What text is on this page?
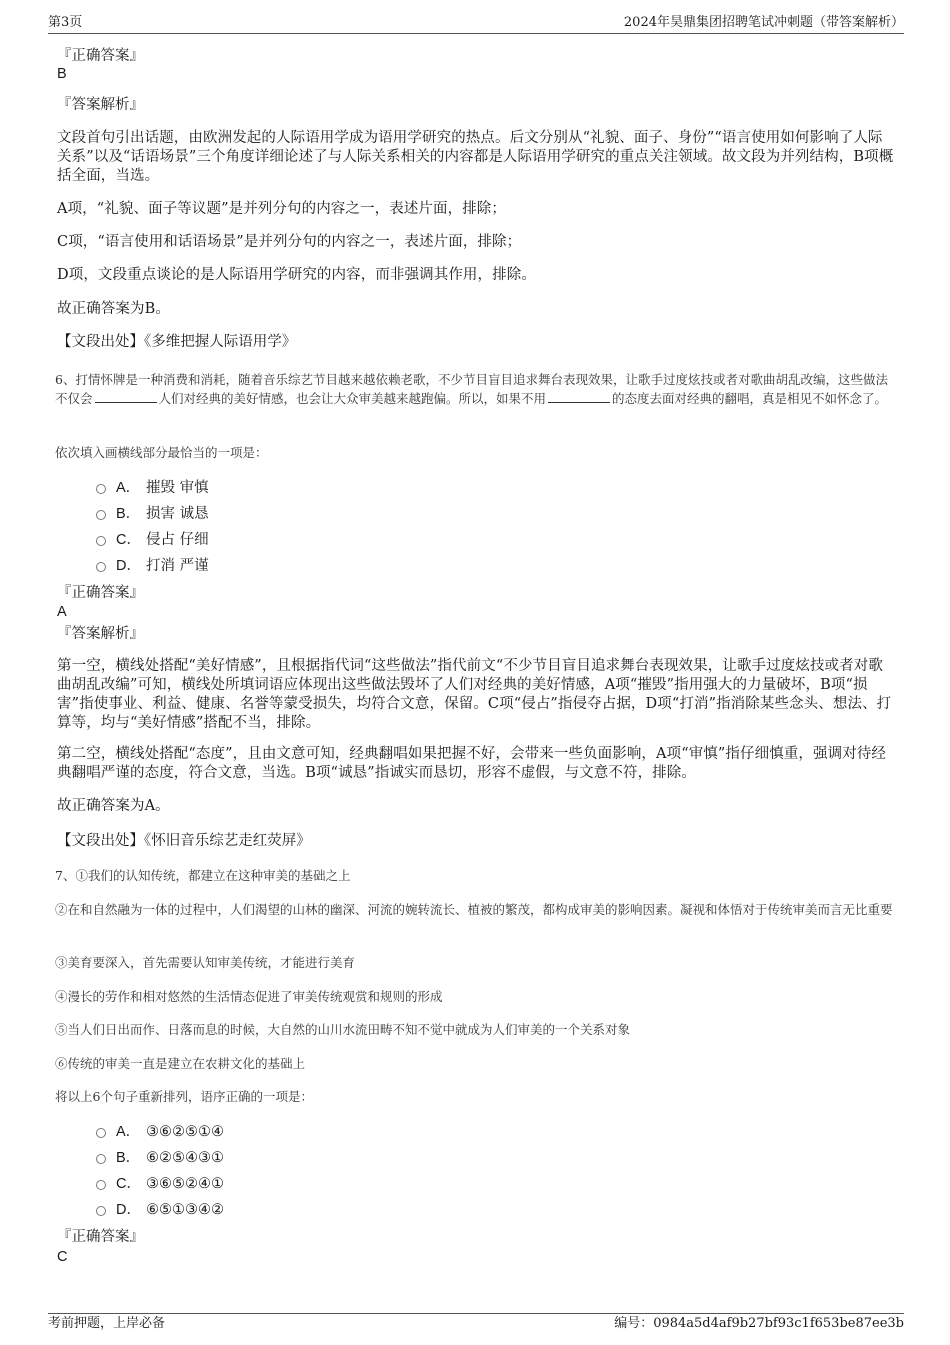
第3页	2024年昊鼎集团招聘笔试冲刺题（带答案解析）
『正确答案』
B
『答案解析』
文段首句引出话题，由欧洲发起的人际语用学成为语用学研究的热点。后文分别从“礼貌、面子、身份”“语言使用如何影响了人际关系”以及“话语场景”三个角度详细论述了与人际关系相关的内容都是人际语用学研究的重点关注领域。故文段为并列结构，B项概括全面，当选。
A项，“礼貌、面子等议题”是并列分句的内容之一，表述片面，排除；
C项，“语言使用和话语场景”是并列分句的内容之一，表述片面，排除；
D项，文段重点谈论的是人际语用学研究的内容，而非强调其作用，排除。
故正确答案为B。
【文段出处】《多维把握人际语用学》
6、打情怀牌是一种消费和消耗，随着音乐综艺节目越来越依赖老歌，不少节目盲目追求舞台表现效果，让歌手过度炫技或者对歌曲胡乱改编，这些做法不仅会	人们对经典的美好情感，也会让大众审美越来越跑偏。所以，如果不用	的态度去面对经典的翻唱，真是相见不如怀念了。
依次填入画横线部分最恰当的一项是：
A． 摧毁 审慎
B． 损害 诚恳
C． 侵占 仔细
D． 打消 严谨
『正确答案』
A
『答案解析』
第一空，横线处搭配“美好情感”，且根据指代词“这些做法”指代前文“不少节目盲目追求舞台表现效果，让歌手过度炫技或者对歌曲胡乱改编”可知，横线处所填词语应体现出这些做法毁坏了人们对经典的美好情感，A项“摧毁”指用强大的力量破坏，B项“损害”指使事业、利益、健康、名誉等蒙受损失，均符合文意，保留。C项“侵占”指侵夺占据，D项“打消”指消除某些念头、想法、打算等，均与“美好情感”搭配不当，排除。
第二空，横线处搭配“态度”，且由文意可知，经典翻唱如果把握不好，会带来一些负面影响，A项“审慎”指仔细慎重，强调对待经典翻唱严谨的态度，符合文意，当选。B项“诚恳”指诚实而恳切，形容不虚假，与文意不符，排除。
故正确答案为A。
【文段出处】《怀旧音乐综艺走红荧屏》
7、①我们的认知传统，都建立在这种审美的基础之上
②在和自然融为一体的过程中，人们渴望的山林的幽深、河流的婉转流长、植被的繁茂，都构成审美的影响因素。凝视和体悟对于传统审美而言无比重要
③美育要深入，首先需要认知审美传统，才能进行美育
④漫长的劳作和相对悠然的生活情态促进了审美传统观赏和规则的形成
⑤当人们日出而作、日落而息的时候，大自然的山川水流田畴不知不觉中就成为人们审美的一个关系对象
⑥传统的审美一直是建立在农耕文化的基础上
将以上6个句子重新排列，语序正确的一项是：
A． ③⑥②⑤①④
B． ⑥②⑤④③①
C． ③⑥⑤②④①
D． ⑥⑤①③④②
『正确答案』
C
考前押题，上岸必备	编号：0984a5d4af9b27bf93c1f653be87ee3b
